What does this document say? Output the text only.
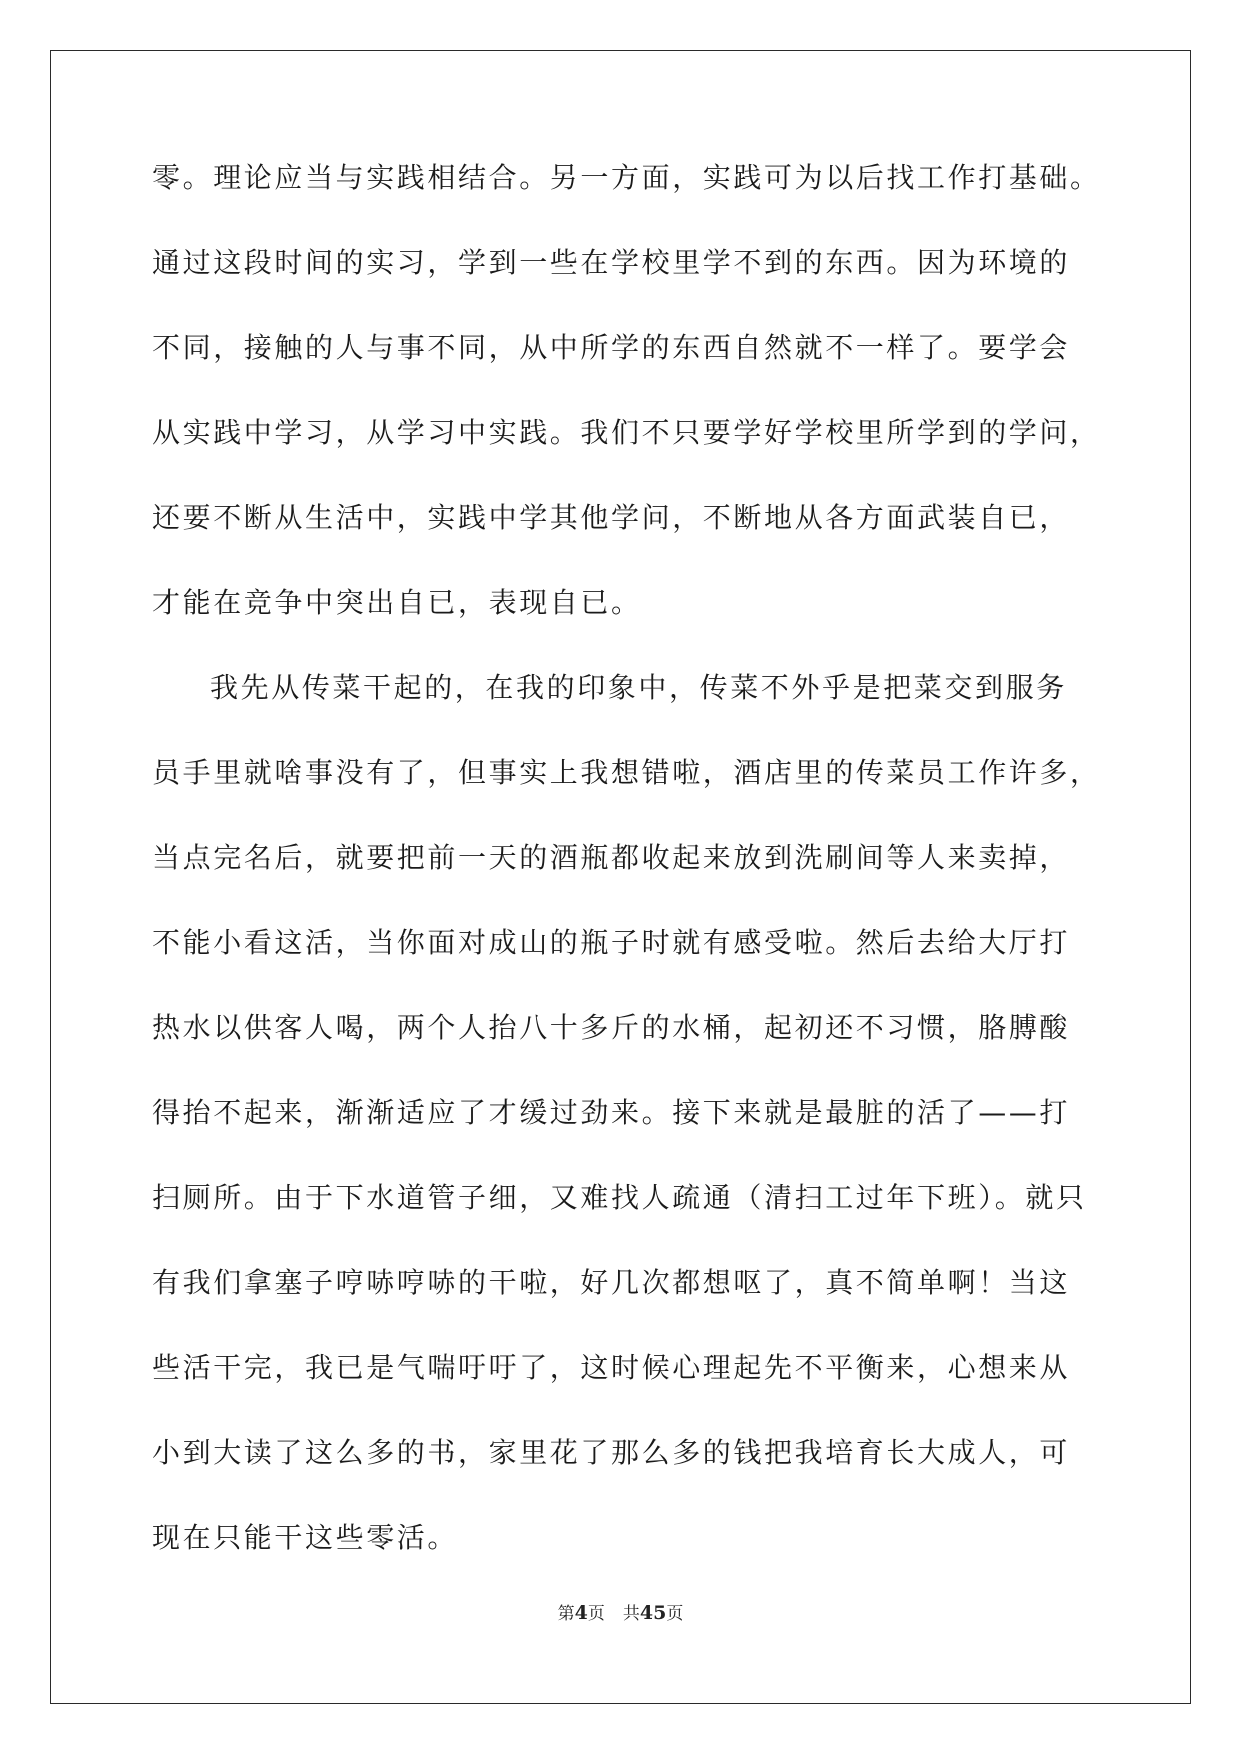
零。理论应当与实践相结合。另一方面，实践可为以后找工作打基础。
通过这段时间的实习，学到一些在学校里学不到的东西。因为环境的
不同，接触的人与事不同，从中所学的东西自然就不一样了。要学会
从实践中学习，从学习中实践。我们不只要学好学校里所学到的学问，
还要不断从生活中，实践中学其他学问，不断地从各方面武装自已，
才能在竞争中突出自已，表现自已。
我先从传菜干起的，在我的印象中，传菜不外乎是把菜交到服务
员手里就啥事没有了，但事实上我想错啦，酒店里的传菜员工作许多，
当点完名后，就要把前一天的酒瓶都收起来放到洗刷间等人来卖掉，
不能小看这活，当你面对成山的瓶子时就有感受啦。然后去给大厅打
热水以供客人喝，两个人抬八十多斤的水桶，起初还不习惯，胳膊酸
得抬不起来，渐渐适应了才缓过劲来。接下来就是最脏的活了——打
扫厕所。由于下水道管子细，又难找人疏通（清扫工过年下班）。就只
有我们拿塞子哼哧哼哧的干啦，好几次都想呕了，真不简单啊！当这
些活干完，我已是气喘吁吁了，这时候心理起先不平衡来，心想来从
小到大读了这么多的书，家里花了那么多的钱把我培育长大成人，可
现在只能干这些零活。
第4页 共45页
